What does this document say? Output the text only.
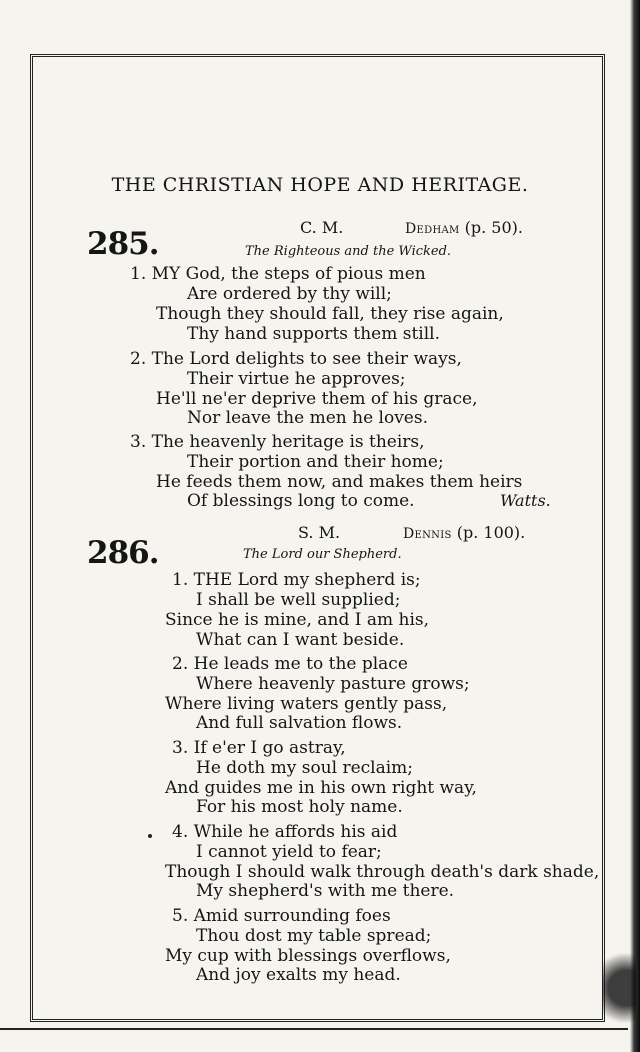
THE CHRISTIAN HOPE AND HERITAGE.
285.	C. M.	Dedham (p. 50).
The Righteous and the Wicked.
1. MY God, the steps of pious men
Are ordered by thy will;
Though they should fall, they rise again,
Thy hand supports them still.
2. The Lord delights to see their ways,
Their virtue he approves;
He'll ne'er deprive them of his grace,
Nor leave the men he loves.
3. The heavenly heritage is theirs,
Their portion and their home;
He feeds them now, and makes them heirs
Of blessings long to come.	Watts.
286.
S. M.	Dennis (p. 100).
The Lord our Shepherd.
1. THE Lord my shepherd is;
I shall be well supplied;
Since he is mine, and I am his,
What can I want beside.
2. He leads me to the place
Where heavenly pasture grows;
Where living waters gently pass,
And full salvation flows.
3. If e'er I go astray,
He doth my soul reclaim;
And guides me in his own right way,
For his most holy name.
4. While he affords his aid
I cannot yield to fear;
Though I should walk through death's dark shade,
My shepherd's with me there.
5. Amid surrounding foes
Thou dost my table spread;
My cup with blessings overflows,
And joy exalts my head.
